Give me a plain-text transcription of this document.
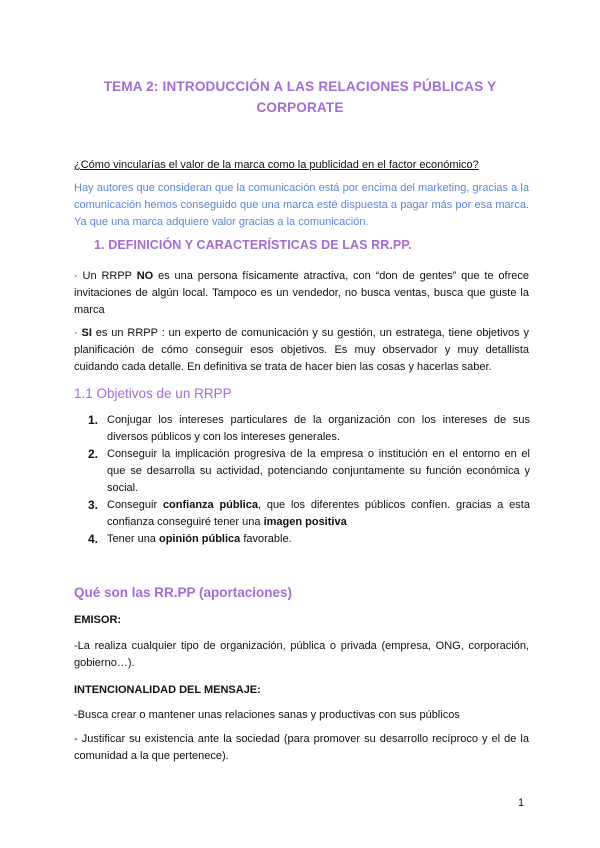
TEMA 2: INTRODUCCIÓN A LAS RELACIONES PÚBLICAS Y
CORPORATE
¿Cómo vincularías el valor de la marca como la publicidad en el factor económico?
Hay autores que consideran que la comunicación está por encima del marketing, gracias a la comunicación hemos conseguido que una marca esté dispuesta a pagar más por esa marca. Ya que una marca adquiere valor gracias a la comunicación.
1. DEFINICIÓN Y CARACTERÍSTICAS DE LAS RR.PP.
· Un RRPP NO es una persona físicamente atractiva, con “don de gentes” que te ofrece invitaciones de algún local. Tampoco es un vendedor, no busca ventas, busca que guste la marca
· SI es un RRPP : un experto de comunicación y su gestión, un estratega, tiene objetivos y planificación de cómo conseguir esos objetivos. Es muy observador y muy detallista cuidando cada detalle. En definitiva se trata de hacer bien las cosas y hacerlas saber.
1.1 Objetivos de un RRPP
1. Conjugar los intereses particulares de la organización con los intereses de sus diversos públicos y con los intereses generales.
2. Conseguir la implicación progresiva de la empresa o institución en el entorno en el que se desarrolla su actividad, potenciando conjuntamente su función económica y social.
3. Conseguir confianza pública, que los diferentes públicos confíen. gracias a esta confianza conseguiré tener una imagen positiva
4. Tener una opinión pública favorable.
Qué son las RR.PP (aportaciones)
EMISOR:
-La realiza cualquier tipo de organización, pública o privada (empresa, ONG, corporación, gobierno…).
INTENCIONALIDAD DEL MENSAJE:
-Busca crear o mantener unas relaciones sanas y productivas con sus públicos
- Justificar su existencia ante la sociedad (para promover su desarrollo recíproco y el de la comunidad a la que pertenece).
1
